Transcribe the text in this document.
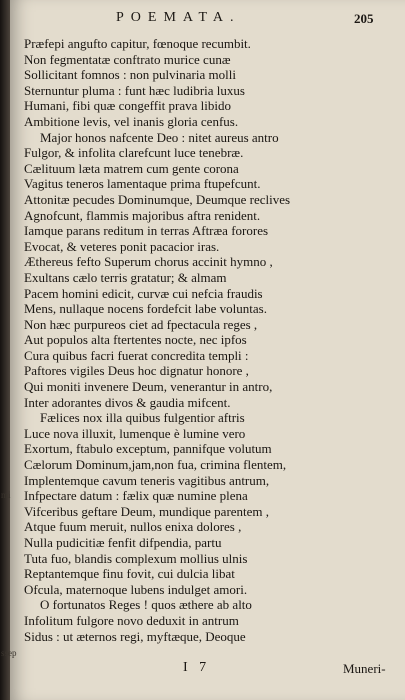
mi
ssep
POEMATA.	205
Præfepi angufto capitur, fœnoque recumbit.
Non fegmentatæ conftrato murice cunæ
Sollicitant fomnos : non pulvinaria molli
Sternuntur pluma : funt hæc ludibria luxus
Humani, fibi quæ congeffit prava libido
Ambitione levis, vel inanis gloria cenfus.
Major honos nafcente Deo : nitet aureus antro
Fulgor, & infolita clarefcunt luce tenebræ.
Cælituum læta matrem cum gente corona
Vagitus teneros lamentaque prima ftupefcunt.
Attonitæ pecudes Dominumque, Deumque reclives
Agnofcunt, flammis majoribus aftra renident.
Iamque parans reditum in terras Aftræa forores
Evocat, & veteres ponit pacacior iras.
Æthereus fefto Superum chorus accinit hymno ,
Exultans cælo terris gratatur; & almam
Pacem homini edicit, curvæ cui nefcia fraudis
Mens, nullaque nocens fordefcit labe voluntas.
Non hæc purpureos ciet ad fpectacula reges ,
Aut populos alta ftertentes nocte, nec ipfos
Cura quibus facri fuerat concredita templi :
Paftores vigiles Deus hoc dignatur honore ,
Qui moniti invenere Deum, venerantur in antro,
Inter adorantes divos & gaudia mifcent.
Fælices nox illa quibus fulgentior aftris
Luce nova illuxit, lumenque è lumine vero
Exortum, ftabulo exceptum, pannifque volutum
Cælorum Dominum,jam,non fua, crimina flentem,
Implentemque cavum teneris vagitibus antrum,
Infpectare datum : fælix quæ numine plena
Vifceribus geftare Deum, mundique parentem ,
Atque fuum meruit, nullos enixa dolores ,
Nulla pudicitiæ fenfit difpendia, partu
Tuta fuo, blandis complexum mollius ulnis
Reptantemque finu fovit, cui dulcia libat
Ofcula, maternoque lubens indulget amori.
O fortunatos Reges ! quos æthere ab alto
Infolitum fulgore novo deduxit in antrum
Sidus : ut æternos regi, myftæque, Deoque
I 7	Muneri-
